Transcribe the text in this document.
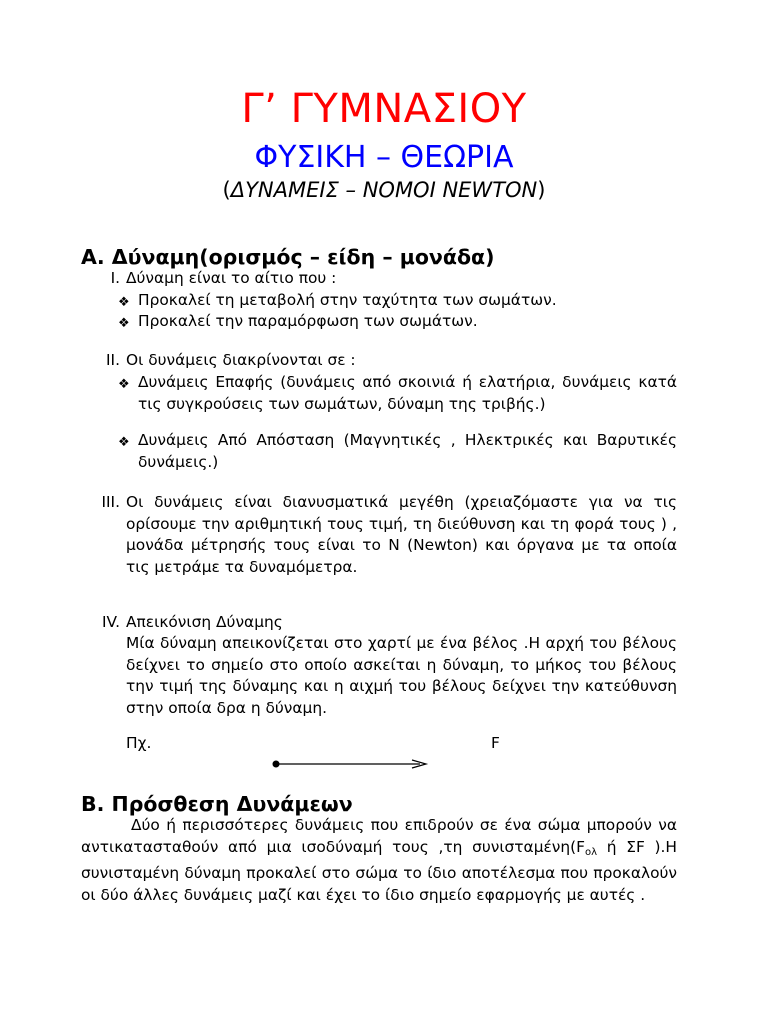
Γ’ ΓΥΜΝΑΣΙΟΥ
ΦΥΣΙΚΗ – ΘΕΩΡΙΑ
(ΔΥΝΑΜΕΙΣ – ΝΟΜΟΙ NEWTON)
Α. Δύναμη(ορισμός – είδη – μονάδα)
I. Δύναμη είναι το αίτιο που :
❖ Προκαλεί τη μεταβολή στην ταχύτητα των σωμάτων.
❖ Προκαλεί την παραμόρφωση των σωμάτων.
II. Οι δυνάμεις διακρίνονται σε :
❖ Δυνάμεις Επαφής (δυνάμεις από σκοινιά ή ελατήρια, δυνάμεις κατά τις συγκρούσεις των σωμάτων, δύναμη της τριβής.)
❖ Δυνάμεις Από Απόσταση (Μαγνητικές , Ηλεκτρικές και Βαρυτικές δυνάμεις.)
III. Οι δυνάμεις είναι διανυσματικά μεγέθη (χρειαζόμαστε για να τις ορίσουμε την αριθμητική τους τιμή, τη διεύθυνση και τη φορά τους ) , μονάδα μέτρησής τους είναι το Ν (Newton) και όργανα με τα οποία τις μετράμε τα δυναμόμετρα.
IV. Απεικόνιση Δύναμης
Μία δύναμη απεικονίζεται στο χαρτί με ένα βέλος .Η αρχή του βέλους δείχνει το σημείο στο οποίο ασκείται η δύναμη, το μήκος του βέλους την τιμή της δύναμης και η αιχμή του βέλους δείχνει την κατεύθυνση στην οποία δρα η δύναμη.
Πχ.	F
Β. Πρόσθεση Δυνάμεων
Δύο ή περισσότερες δυνάμεις που επιδρούν σε ένα σώμα μπορούν να αντικατασταθούν από μια ισοδύναμή τους ,τη $\sigma\upsilon\nu\iota\sigma\tau\alpha\mu έ\nu\eta(F_{o\lambda}$ ή ΣF ).Η συνισταμένη δύναμη προκαλεί στο σώμα το ίδιο αποτέλεσμα που προκαλούν οι δύο άλλες δυνάμεις μαζί και έχει το ίδιο σημείο εφαρμογής με αυτές .
